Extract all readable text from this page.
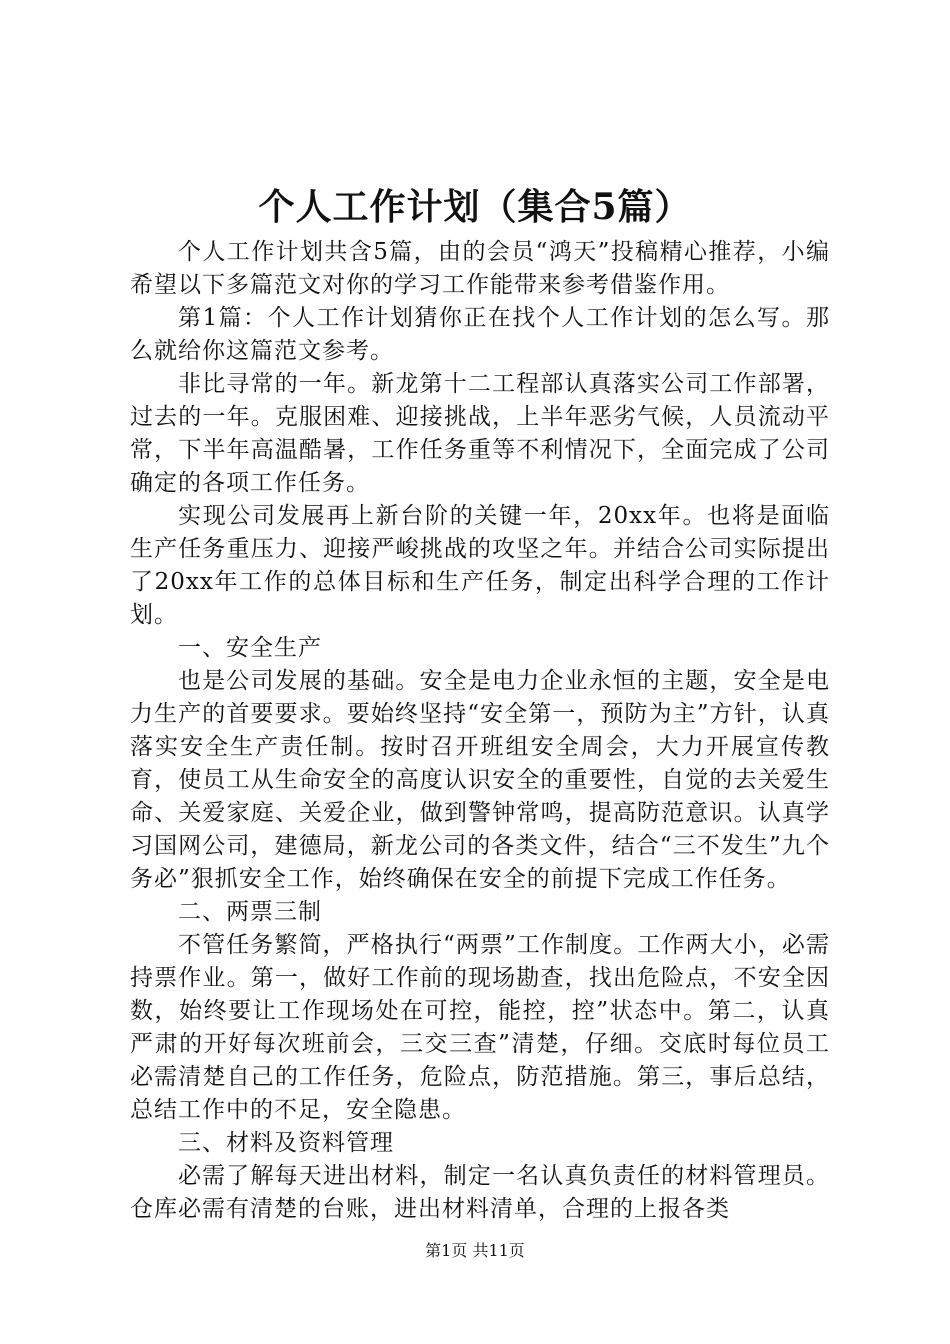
个人工作计划（集合5篇）

个人工作计划共含5篇，由的会员“鸿天”投稿精心推荐，小编希望以下多篇范文对你的学习工作能带来参考借鉴作用。

第1篇：个人工作计划猜你正在找个人工作计划的怎么写。那么就给你这篇范文参考。

非比寻常的一年。新龙第十二工程部认真落实公司工作部署，过去的一年。克服困难、迎接挑战，上半年恶劣气候，人员流动平常，下半年高温酷暑，工作任务重等不利情况下，全面完成了公司确定的各项工作任务。

实现公司发展再上新台阶的关键一年，20xx年。也将是面临生产任务重压力、迎接严峻挑战的攻坚之年。并结合公司实际提出了20xx年工作的总体目标和生产任务，制定出科学合理的工作计划。

一、安全生产

也是公司发展的基础。安全是电力企业永恒的主题，安全是电力生产的首要要求。要始终坚持“安全第一，预防为主”方针，认真落实安全生产责任制。按时召开班组安全周会，大力开展宣传教育，使员工从生命安全的高度认识安全的重要性，自觉的去关爱生命、关爱家庭、关爱企业，做到警钟常鸣，提高防范意识。认真学习国网公司，建德局，新龙公司的各类文件，结合“三不发生”九个务必”狠抓安全工作，始终确保在安全的前提下完成工作任务。

二、两票三制

不管任务繁简，严格执行“两票”工作制度。工作两大小，必需持票作业。第一，做好工作前的现场勘查，找出危险点，不安全因数，始终要让工作现场处在可控，能控，控”状态中。第二，认真严肃的开好每次班前会，三交三查”清楚，仔细。交底时每位员工必需清楚自己的工作任务，危险点，防范措施。第三，事后总结，总结工作中的不足，安全隐患。

三、材料及资料管理

必需了解每天进出材料，制定一名认真负责任的材料管理员。仓库必需有清楚的台账，进出材料清单，合理的上报各类

第1页 共11页
